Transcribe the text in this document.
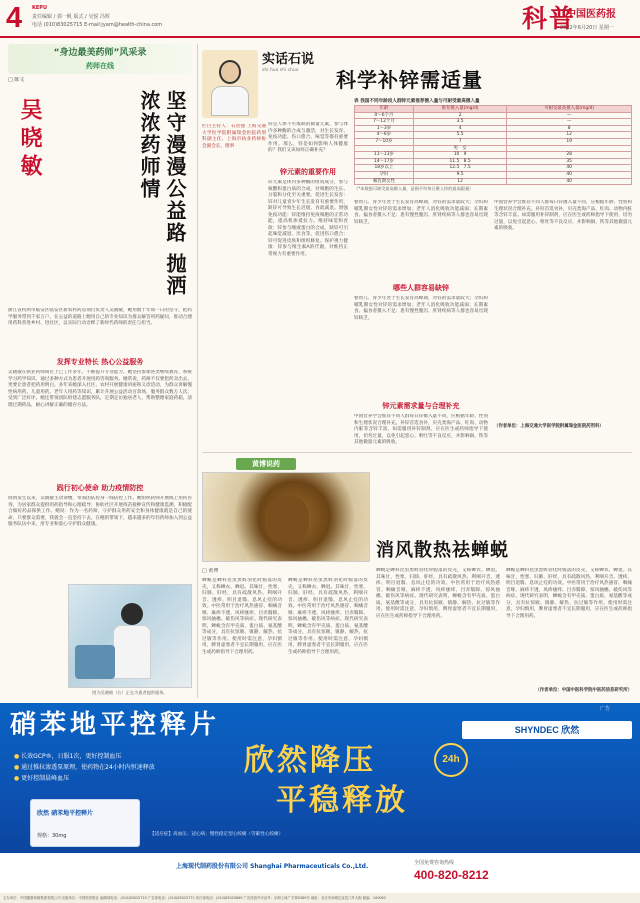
4 KEPU
责任编辑 / 郭一帆 版式 / 吴悦 冯辉
电话 (010)83025715 E-mail:jyam@health-china.com	科普
中国医药报
2022年6月20日 星期一
“身边最美药师”风采录
药师在线
□ 陈文
吴晓敏	坚守漫漫公益路 抛洒浓浓药师情
浙江省杭州市临安区临安区新农村药房项目负责人吴晓敏，她用数十年如一日的坚守，把药学服务带到千家万户。在公益的道路上她用自己的专业知识为群众解答用药疑问，推动合理用药科普进乡村、进社区，以实际行动诠释了新时代药师的责任与担当。
发挥专业特长 热心公益服务
吴晓敏在执业药师岗位上已工作多年，不断提升专业能力。她坚持参加各类继续教育，系统学习药学知识，通过多种方式为患者开展用药咨询服务。她常说，药师不仅要把药卖出去，更要让患者把药用明白。多年来她深入社区、农村开展健康讲座和义诊活动，为群众讲解慢性病用药、儿童用药、老年人用药等知识，累计开展公益活动百余场，服务群众数万人次，受到广泛好评。她还带领团队组建志愿服务队，定期走访独居老人，帮助整理家庭药箱，清理过期药品，耐心讲解正确的储存方法。
践行初心使命 助力疫情防控
疫情发生以来，吴晓敏主动请缨，带领团队投身一线防控工作。她组织药师开展线上用药咨询，为居家群众提供用药指导和心理疏导；协助社区开展疫苗接种宣传和健康监测，积极配合做好药品保供工作。她说：作为一名药师，守护群众用药安全和身体健康就是自己的使命，只要群众需要，我就会一直坚持下去。在她的带领下，越来越多的年轻药师加入到公益服务队伍中来，用专业和爱心守护群众健康。
图为吴晓敏（右）正在为患者提供服务。
实话石说
shi hua shi shuo
栏目主持人：石浩强 上海交通大学医学院附属瑞金医院药剂科副主任、上海市执业药师协会副会长、理事
科学补锌需适量
锌是人体不可或缺的微量元素，参与体内多种酶的合成与激活，对生长发育、免疫功能、伤口愈合、味觉等都有重要作用。那么，锌是如何影响人体健康的？我们又该如何正确补充？
锌元素的重要作用
锌元素是体内多种酶的组成成分，参与核酸和蛋白质的合成，对细胞的生长、分裂和分化至关重要。促进生长发育：锌对儿童青少年生长发育有重要作用，缺锌可导致生长迟缓、食欲减退。增强免疫功能：锌能维持免疫细胞的正常功能，提高机体抵抗力。维持味觉和食欲：锌参与唾液蛋白的合成，缺锌可引起味觉减退、厌食等。促进伤口愈合：锌可促进皮肤和组织修复。保护视力健康：锌参与维生素A的代谢，对维持正常视力有重要作用。
表 我国不同年龄段人群锌元素推荐摄入量与可耐受最高摄入量
年龄	推荐摄入量(mg/d)	可耐受最高摄入量(mg/d)
0～6个月	2	—
7～12个月	3.5	—
1～3岁	4	8
4～6岁	5.5	12
7～10岁	7	19
	男　女	
11～13岁	10　9	28
14～17岁	11.5　8.5	35
18岁以上	12.5　7.5	40
孕妇	9.5	40
哺乳期女性	12	40
（*本数据可耐受最高摄入量，是指平均每日摄入锌的最高限量）
婴幼儿、青少年处于生长发育高峰期，对锌的需求量较大；孕妇和哺乳期女性对锌的需求增加；老年人消化吸收功能减弱；长期素食、偏食者摄入不足；患有慢性腹泻、肝肾疾病等人群也容易出现锌缺乏。
哪些人群容易缺锌
婴幼儿、青少年处于生长发育高峰期，对锌的需求量较大；孕妇和哺乳期女性对锌的需求增加；老年人消化吸收功能减弱；长期素食、偏食者摄入不足；患有慢性腹泻、肝肾疾病等人群也容易出现锌缺乏。
锌元素需求量与合理补充
中国营养学会推荐不同人群每日锌摄入量不同，应根据年龄、性别和生理状况合理补充。补锌首选食补，贝壳类海产品、红肉、动物内脏等含锌丰富。如需服用补锌制剂，应在医生或药师指导下使用，切勿过量，以免引起恶心、呕吐等不良反应，并影响铜、铁等其他微量元素的吸收。
中国营养学会推荐不同人群每日锌摄入量不同，应根据年龄、性别和生理状况合理补充。补锌首选食补，贝壳类海产品、红肉、动物内脏等含锌丰富。如需服用补锌制剂，应在医生或药师指导下使用，切勿过量，以免引起恶心、呕吐等不良反应，并影响铜、铁等其他微量元素的吸收。
（作者单位：上海交通大学医学院附属瑞金医院药剂科）
黄博说药
消风散热祛蝉蜕
□ 黄博
蝉蜕是蝉科昆虫黑蚱羽化时脱落的皮壳，又称蝉衣、蝉退。其味甘，性寒，归肺、肝经，具有疏散风热、利咽开音、透疹、明目退翳、息风止痉的功效。中医常用于治疗风热感冒、咽痛音哑、麻疹不透、风疹瘙痒、目赤翳障、惊风抽搐、破伤风等病症。现代研究表明，蝉蜕含有甲壳质、蛋白质、氨基酸等成分，具有抗惊厥、镇静、解热、抗过敏等作用。使用时需注意，孕妇慎用，脾胃虚寒者不宜长期服用，应在医生或药师指导下合理用药。
蝉蜕是蝉科昆虫黑蚱羽化时脱落的皮壳，又称蝉衣、蝉退。其味甘，性寒，归肺、肝经，具有疏散风热、利咽开音、透疹、明目退翳、息风止痉的功效。中医常用于治疗风热感冒、咽痛音哑、麻疹不透、风疹瘙痒、目赤翳障、惊风抽搐、破伤风等病症。现代研究表明，蝉蜕含有甲壳质、蛋白质、氨基酸等成分，具有抗惊厥、镇静、解热、抗过敏等作用。使用时需注意，孕妇慎用，脾胃虚寒者不宜长期服用，应在医生或药师指导下合理用药。
蝉蜕是蝉科昆虫黑蚱羽化时脱落的皮壳，又称蝉衣、蝉退。其味甘，性寒，归肺、肝经，具有疏散风热、利咽开音、透疹、明目退翳、息风止痉的功效。中医常用于治疗风热感冒、咽痛音哑、麻疹不透、风疹瘙痒、目赤翳障、惊风抽搐、破伤风等病症。现代研究表明，蝉蜕含有甲壳质、蛋白质、氨基酸等成分，具有抗惊厥、镇静、解热、抗过敏等作用。使用时需注意，孕妇慎用，脾胃虚寒者不宜长期服用，应在医生或药师指导下合理用药。
蝉蜕是蝉科昆虫黑蚱羽化时脱落的皮壳，又称蝉衣、蝉退。其味甘，性寒，归肺、肝经，具有疏散风热、利咽开音、透疹、明目退翳、息风止痉的功效。中医常用于治疗风热感冒、咽痛音哑、麻疹不透、风疹瘙痒、目赤翳障、惊风抽搐、破伤风等病症。现代研究表明，蝉蜕含有甲壳质、蛋白质、氨基酸等成分，具有抗惊厥、镇静、解热、抗过敏等作用。使用时需注意，孕妇慎用，脾胃虚寒者不宜长期服用，应在医生或药师指导下合理用药。
（作者单位：中国中医科学院中医药信息研究所）
广告
硝苯地平控释片	SHYNDEC 欣然
● 长效GCP®，日服1次，更好控制血压
● 通过推拉渗透泵原理，使药物在24小时内恒速释放
● 更好控制晨峰血压
欣然 硝苯地平控释片
规格：30mg
欣然降压	24h
平稳释放
【适应症】高血压；冠心病；慢性稳定型心绞痛（劳累性心绞痛）
上海现代制药股份有限公司 Shanghai Pharmaceuticals Co.,Ltd.	全国免费咨询热线
400-820-8212
主办单位：中国健康传媒集团有限公司 出版单位：中国医药报社 编辑部电话：(010)83025715 广告部电话：(010)83025772 发行部电话：(010)83025869 广告经营许可证号：京海工商广字第0389号 地址：北京市西城区宣武门外大街 邮编：100062
